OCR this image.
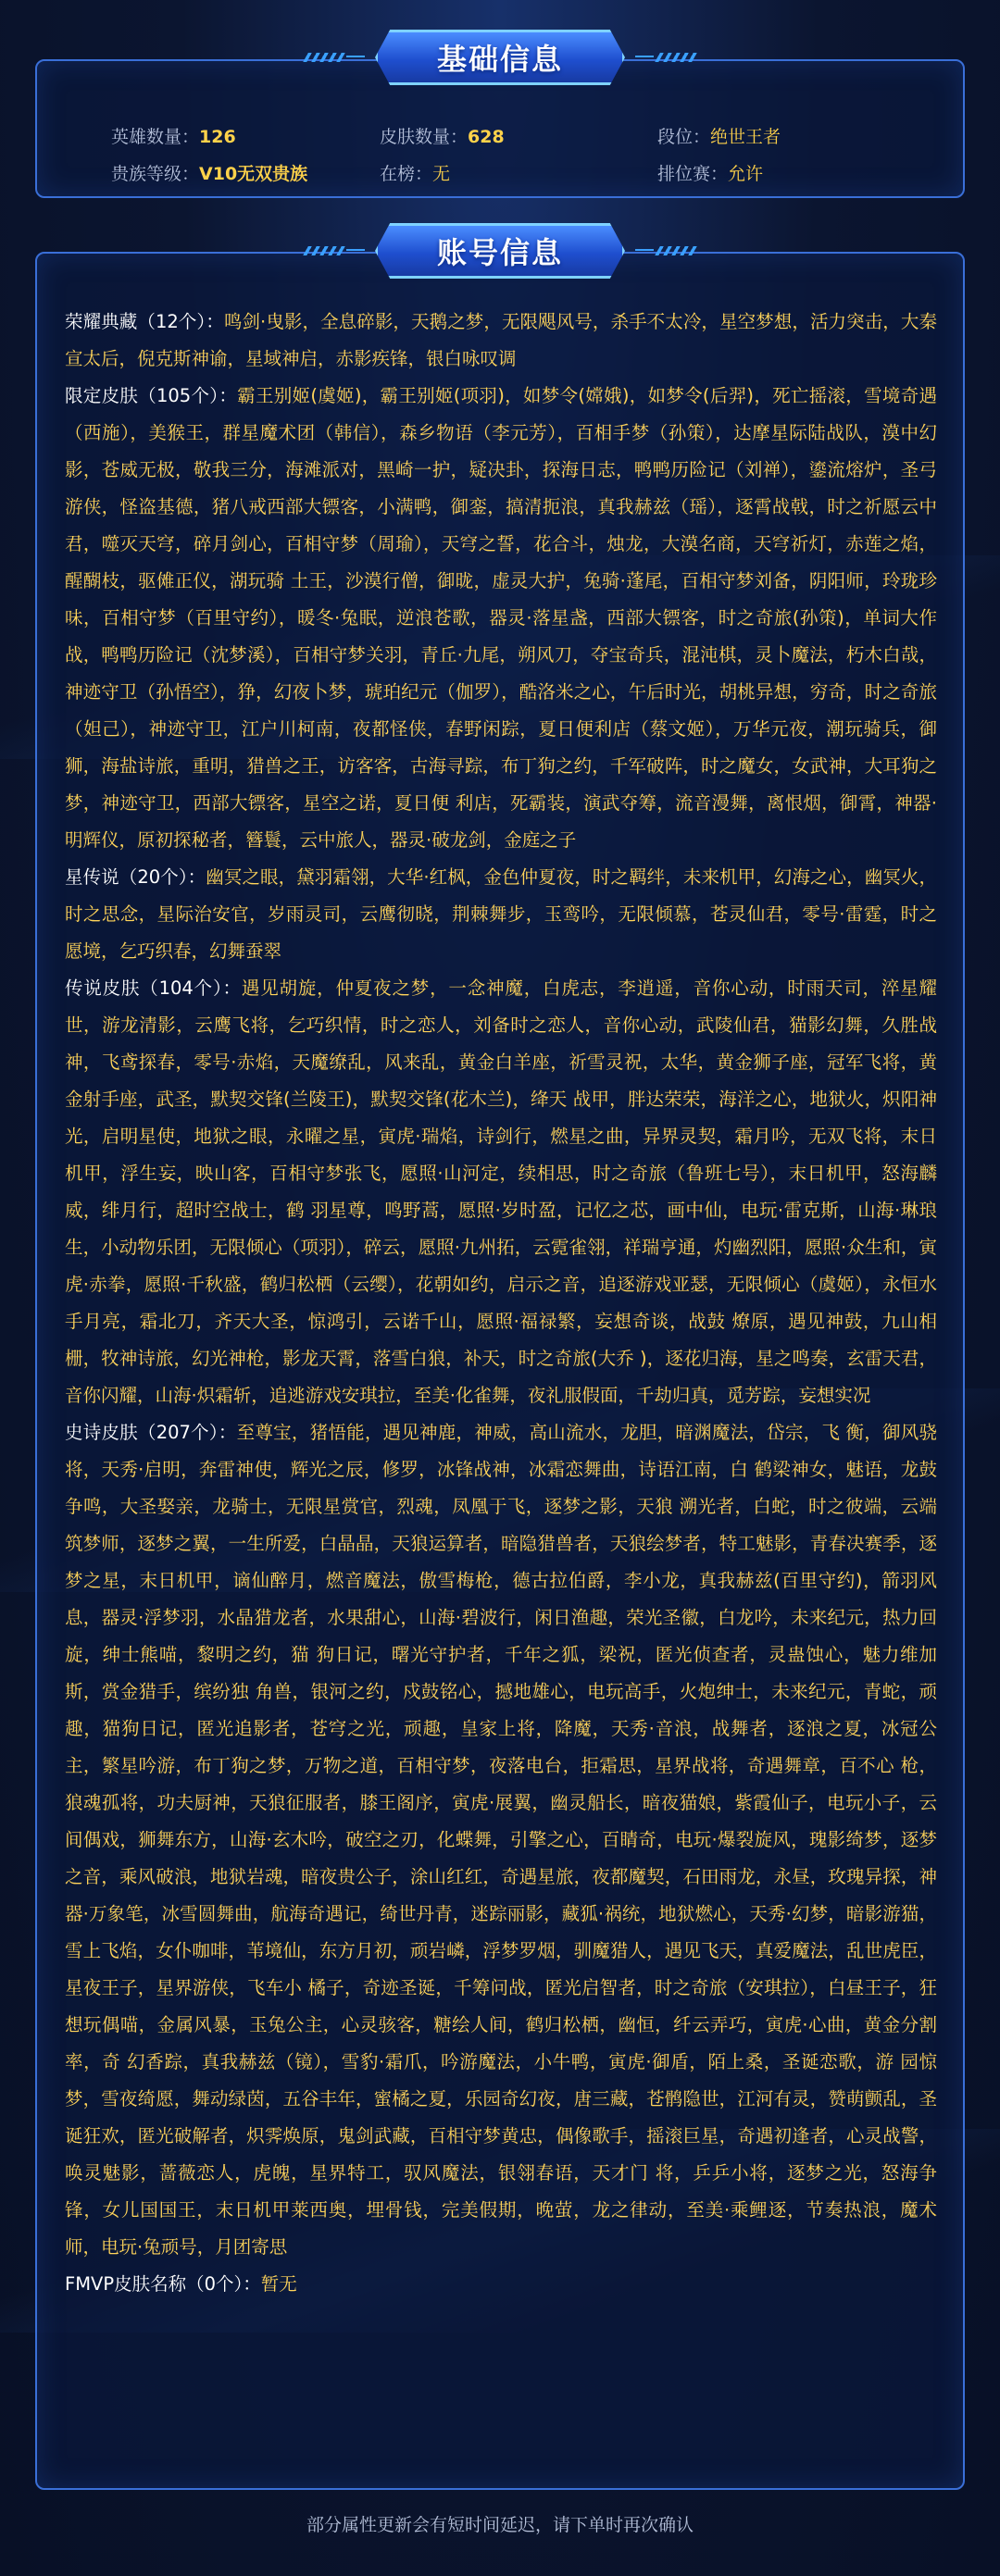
英雄数量：126	皮肤数量：628	段位：绝世王者
贵族等级：V10无双贵族	在榜：无	排位赛：允许
基础信息

荣耀典藏（12个）：鸣剑·曳影，全息碎影，天鹅之梦，无限飓风号，杀手不太冷，星空梦想，活力突击，大秦宣太后，倪克斯神谕，星域神启，赤影疾锋，银白咏叹调

限定皮肤（105个）：霸王别姬(虞姬)，霸王别姬(项羽)，如梦令(嫦娥)，如梦令(后羿)，死亡摇滚，雪境奇遇（西施），美猴王，群星魔术团（韩信），森乡物语（李元芳），百相手梦（孙策），达摩星际陆战队，漠中幻影，苍威无极，敬我三分，海滩派对，黑崎一护，疑决卦，探海日志，鸭鸭历险记（刘禅），鎏流熔炉，圣弓游侠，怪盗基德，猪八戒西部大镖客，小满鸭，御銮，搞清扼浪，真我赫兹（瑶），逐霄战戟，时之祈愿云中君，噬灭天穹，碎月剑心，百相守梦（周瑜），天穹之誓，花合斗，烛龙，大漠名商，天穹祈灯，赤莲之焰，醒醐枝，驱傩正仪，湖玩骑 土王，沙漠行僧，御昽，虚灵大护，兔骑·蓬尾，百相守梦刘备，阴阳师，玲珑珍味，百相守梦（百里守约），暖冬·兔眠，逆浪苍歌，器灵·落星盏，西部大镖客，时之奇旅(孙策)，单词大作 战，鸭鸭历险记（沈梦溪），百相守梦关羽，青丘·九尾，朔风刀，夺宝奇兵，混沌棋，灵卜魔法，朽木白哉，神迹守卫（孙悟空），狰，幻夜卜梦，琥珀纪元（伽罗），酷洛米之心，午后时光，胡桃异想，穷奇，时之奇旅（妲己），神迹守卫，江户川柯南，夜都怪侠，春野闲踪，夏日便利店（蔡文姬），万华元夜，潮玩骑兵，御狮，海盐诗旅，重明，猎兽之王，访客客，古海寻踪，布丁狗之约，千军破阵，时之魔女，女武神，大耳狗之梦，神迹守卫，西部大镖客，星空之诺，夏日便 利店，死霸装，演武夺筹，流音漫舞，离恨烟，御霄，神器·明辉仪，原初探秘者，簪鬟，云中旅人，器灵·破龙剑，金庭之子

星传说（20个）：幽冥之眼，黛羽霜翎，大华·红枫，金色仲夏夜，时之羁绊，未来机甲，幻海之心，幽冥火，时之思念，星际治安官，岁雨灵司，云鹰彻晓，荆棘舞步，玉鸾吟，无限倾慕，苍灵仙君，零号·雷霆，时之愿境，乞巧织春，幻舞蚕翠

传说皮肤（104个）：遇见胡旋，仲夏夜之梦，一念神魔，白虎志，李逍遥，音你心动，时雨天司，淬星耀世，游龙清影，云鹰飞将，乞巧织情，时之恋人，刘备时之恋人，音你心动，武陵仙君，猫影幻舞，久胜战神，飞鸢探春，零号·赤焰，天魔缭乱，风来乱，黄金白羊座，祈雪灵祝，太华，黄金狮子座，冠军飞将，黄金射手座，武圣，默契交锋(兰陵王)，默契交锋(花木兰)，绛天 战甲，胖达荣荣，海洋之心，地狱火，炽阳神光，启明星使，地狱之眼，永曜之星，寅虎·瑞焰，诗剑行，燃星之曲，异界灵契，霜月吟，无双飞将，末日机甲，浮生妄，映山客，百相守梦张飞，愿照·山河定，续相思，时之奇旅（鲁班七号），末日机甲，怒海麟威，绯月行，超时空战士，鹤 羽星尊，鸣野蒿，愿照·岁时盈，记忆之芯，画中仙，电玩·雷克斯，山海·琳琅生，小动物乐团，无限倾心（项羽），碎云，愿照·九州拓，云霓雀翎，祥瑞亨通，灼幽烈阳，愿照·众生和，寅 虎·赤拳，愿照·千秋盛，鹤归松栖（云缨），花朝如约，启示之音，追逐游戏亚瑟，无限倾心（虞姬），永恒水手月亮，霜北刀，齐天大圣，惊鸿引，云诺千山，愿照·福禄繁，妄想奇谈，战鼓 燎原，遇见神鼓，九山相栅，牧神诗旅，幻光神枪，影龙天霄，落雪白狼，补天，时之奇旅(大乔 )，逐花归海，星之鸣奏，玄雷天君，音你闪耀，山海·炽霜斩，追逃游戏安琪拉，至美·化雀舞，夜礼服假面，千劫归真，觅芳踪，妄想实况

史诗皮肤（207个）：至尊宝，猪悟能，遇见神鹿，神威，高山流水，龙胆，暗渊魔法，岱宗，飞 衡，御风骁将，天秀·启明，奔雷神使，辉光之辰，修罗，冰锋战神，冰霜恋舞曲，诗语江南，白 鹤梁神女，魅语，龙鼓争鸣，大圣娶亲，龙骑士，无限星赏官，烈魂，凤凰于飞，逐梦之影，天狼 溯光者，白蛇，时之彼端，云端筑梦师，逐梦之翼，一生所爱，白晶晶，天狼运算者，暗隐猎兽者，天狼绘梦者，特工魅影，青春决赛季，逐梦之星，末日机甲，谪仙醉月，燃音魔法，傲雪梅枪，德古拉伯爵，李小龙，真我赫兹(百里守约)，箭羽风息，器灵·浮梦羽，水晶猎龙者，水果甜心，山海·碧波行，闲日渔趣，荣光圣徽，白龙吟，未来纪元，热力回旋，绅士熊喵，黎明之约，猫 狗日记，曙光守护者，千年之狐，梁祝，匿光侦查者，灵蛊蚀心，魅力维加斯，赏金猎手，缤纷独 角兽，银河之约，戍鼓铭心，撼地雄心，电玩高手，火炮绅士，未来纪元，青蛇，顽趣，猫狗日记，匿光追影者，苍穹之光，顽趣，皇家上将，降魔，天秀·音浪，战舞者，逐浪之夏，冰冠公主，繁星吟游，布丁狗之梦，万物之道，百相守梦，夜落电台，拒霜思，星界战将，奇遇舞章，百不心 枪，狼魂孤将，功夫厨神，天狼征服者，膝王阁序，寅虎·展翼，幽灵船长，暗夜猫娘，紫霞仙子，电玩小子，云间偶戏，狮舞东方，山海·玄木吟，破空之刃，化蝶舞，引擎之心，百睛奇，电玩·爆裂旋风，瑰影绮梦，逐梦之音，乘风破浪，地狱岩魂，暗夜贵公子，涂山红红，奇遇星旅，夜都魔契，石田雨龙，永昼，玫瑰异探，神器·万象笔，冰雪圆舞曲，航海奇遇记，绮世丹青，迷踪丽影，藏狐·祸统，地狱燃心，天秀·幻梦，暗影游猫，雪上飞焰，女仆咖啡，苇境仙，东方月初，顽岩嶙，浮梦罗烟，驯魔猎人，遇见飞天，真爱魔法，乱世虎臣，星夜王子，星界游侠，飞车小 橘子，奇迹圣诞，千筹问战，匿光启智者，时之奇旅（安琪拉），白昼王子，狂想玩偶喵，金属风暴，玉兔公主，心灵骇客，糖绘人间，鹤归松栖，幽恒，纤云弄巧，寅虎·心曲，黄金分割率，奇 幻香踪，真我赫兹（镜），雪豹·霜爪，吟游魔法，小牛鸭，寅虎·御盾，陌上桑，圣诞恋歌，游 园惊梦，雪夜绮愿，舞动绿茵，五谷丰年，蜜橘之夏，乐园奇幻夜，唐三藏，苍鹘隐世，江河有灵，赞萌颤乱，圣诞狂欢，匿光破解者，炽霁焕原，鬼剑武藏，百相守梦黄忠，偶像歌手，摇滚巨星，奇遇初逢者，心灵战警，唤灵魅影，蔷薇恋人，虎魄，星界特工，驭风魔法，银翎春语，天才门 将，乒乒小将，逐梦之光，怒海争锋，女儿国国王，末日机甲莱西奥，埋骨钱，完美假期，晚萤，龙之律动，至美·乘鲤逐，节奏热浪，魔术师，电玩·兔顽号，月团寄思

FMVP皮肤名称（0个）：暂无

账号信息
部分属性更新会有短时间延迟，请下单时再次确认
